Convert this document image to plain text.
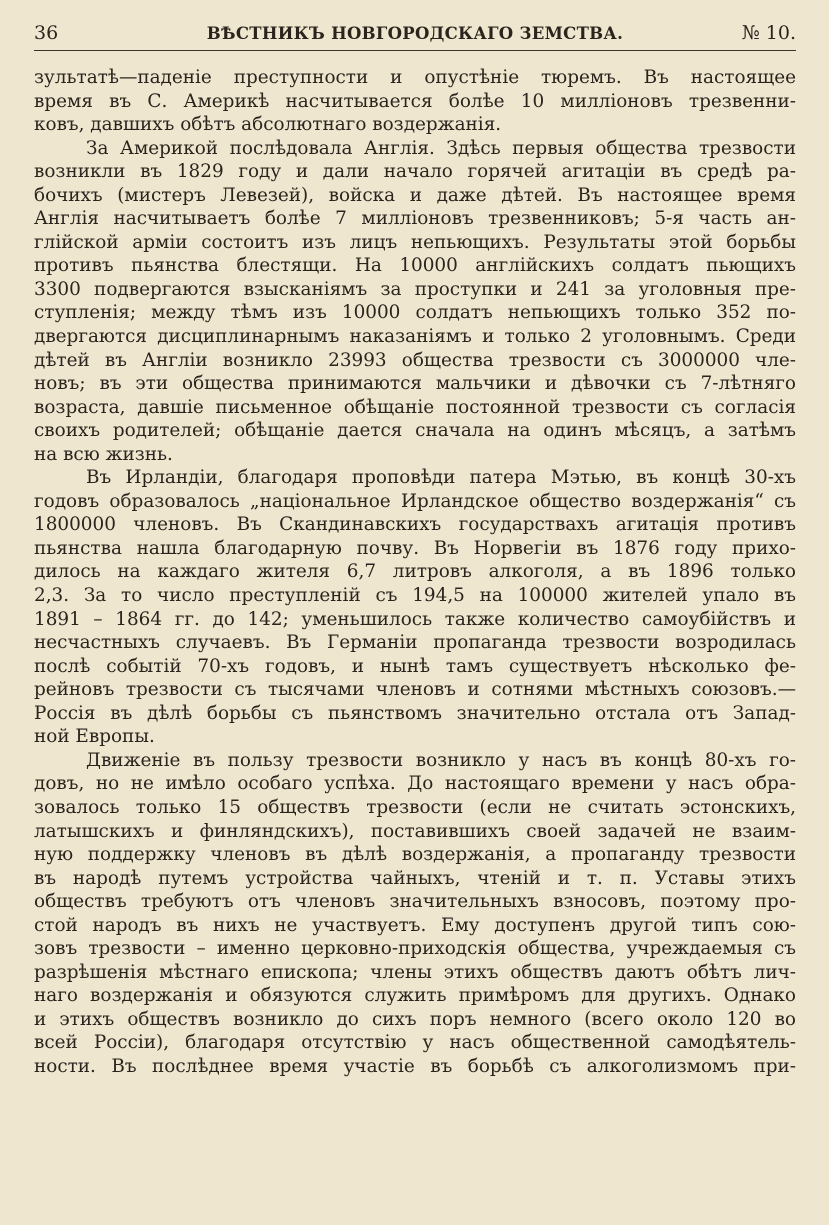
36	ВѢСТНИКЪ НОВГОРОДСКАГО ЗЕМСТВА.	№ 10.

зультатѣ—паденіе преступности и опустѣніе тюремъ. Въ настоящее
время въ С. Америкѣ насчитывается болѣе 10 милліоновъ трезвенни-
ковъ, давшихъ обѣтъ абсолютнаго воздержанія.

За Америкой послѣдовала Англія. Здѣсь первыя общества трезвости
возникли въ 1829 году и дали начало горячей агитаціи въ средѣ ра-
бочихъ (мистеръ Левезей), войска и даже дѣтей. Въ настоящее время
Англія насчитываетъ болѣе 7 милліоновъ трезвенниковъ; 5-я часть ан-
глійской арміи состоитъ изъ лицъ непьющихъ. Результаты этой борьбы
противъ пьянства блестящи. На 10000 англійскихъ солдатъ пьющихъ
3300 подвергаются взысканіямъ за проступки и 241 за уголовныя пре-
ступленія; между тѣмъ изъ 10000 солдатъ непьющихъ только 352 по-
двергаются дисциплинарнымъ наказаніямъ и только 2 уголовнымъ. Среди
дѣтей въ Англіи возникло 23993 общества трезвости съ 3000000 чле-
новъ; въ эти общества принимаются мальчики и дѣвочки съ 7-лѣтняго
возраста, давшіе письменное обѣщаніе постоянной трезвости съ согласія
своихъ родителей; обѣщаніе дается сначала на одинъ мѣсяцъ, а затѣмъ
на всю жизнь.

Въ Ирландіи, благодаря проповѣди патера Мэтью, въ концѣ 30-хъ
годовъ образовалось „національное Ирландское общество воздержанія“ съ
1800000 членовъ. Въ Скандинавскихъ государствахъ агитація противъ
пьянства нашла благодарную почву. Въ Норвегіи въ 1876 году прихо-
дилось на каждаго жителя 6,7 литровъ алкоголя, а въ 1896 только
2,3. За то число преступленій съ 194,5 на 100000 жителей упало въ
1891 – 1864 гг. до 142; уменьшилось также количество самоубійствъ и
несчастныхъ случаевъ. Въ Германіи пропаганда трезвости возродилась
послѣ событій 70-хъ годовъ, и нынѣ тамъ существуетъ нѣсколько фе-
рейновъ трезвости съ тысячами членовъ и сотнями мѣстныхъ союзовъ.—
Россія въ дѣлѣ борьбы съ пьянствомъ значительно отстала отъ Запад-
ной Европы.

Движеніе въ пользу трезвости возникло у насъ въ концѣ 80-хъ го-
довъ, но не имѣло особаго успѣха. До настоящаго времени у насъ обра-
зовалось только 15 обществъ трезвости (если не считать эстонскихъ,
латышскихъ и финляндскихъ), поставившихъ своей задачей не взаим-
ную поддержку членовъ въ дѣлѣ воздержанія, а пропаганду трезвости
въ народѣ путемъ устройства чайныхъ, чтеній и т. п. Уставы этихъ
обществъ требуютъ отъ членовъ значительныхъ взносовъ, поэтому про-
стой народъ въ нихъ не участвуетъ. Ему доступенъ другой типъ сою-
зовъ трезвости – именно церковно-приходскія общества, учреждаемыя съ
разрѣшенія мѣстнаго епископа; члены этихъ обществъ даютъ обѣтъ лич-
наго воздержанія и обязуются служить примѣромъ для другихъ. Однако
и этихъ обществъ возникло до сихъ поръ немного (всего около 120 во
всей Россіи), благодаря отсутствію у насъ общественной самодѣятель-
ности. Въ послѣднее время участіе въ борьбѣ съ алкоголизмомъ при-
